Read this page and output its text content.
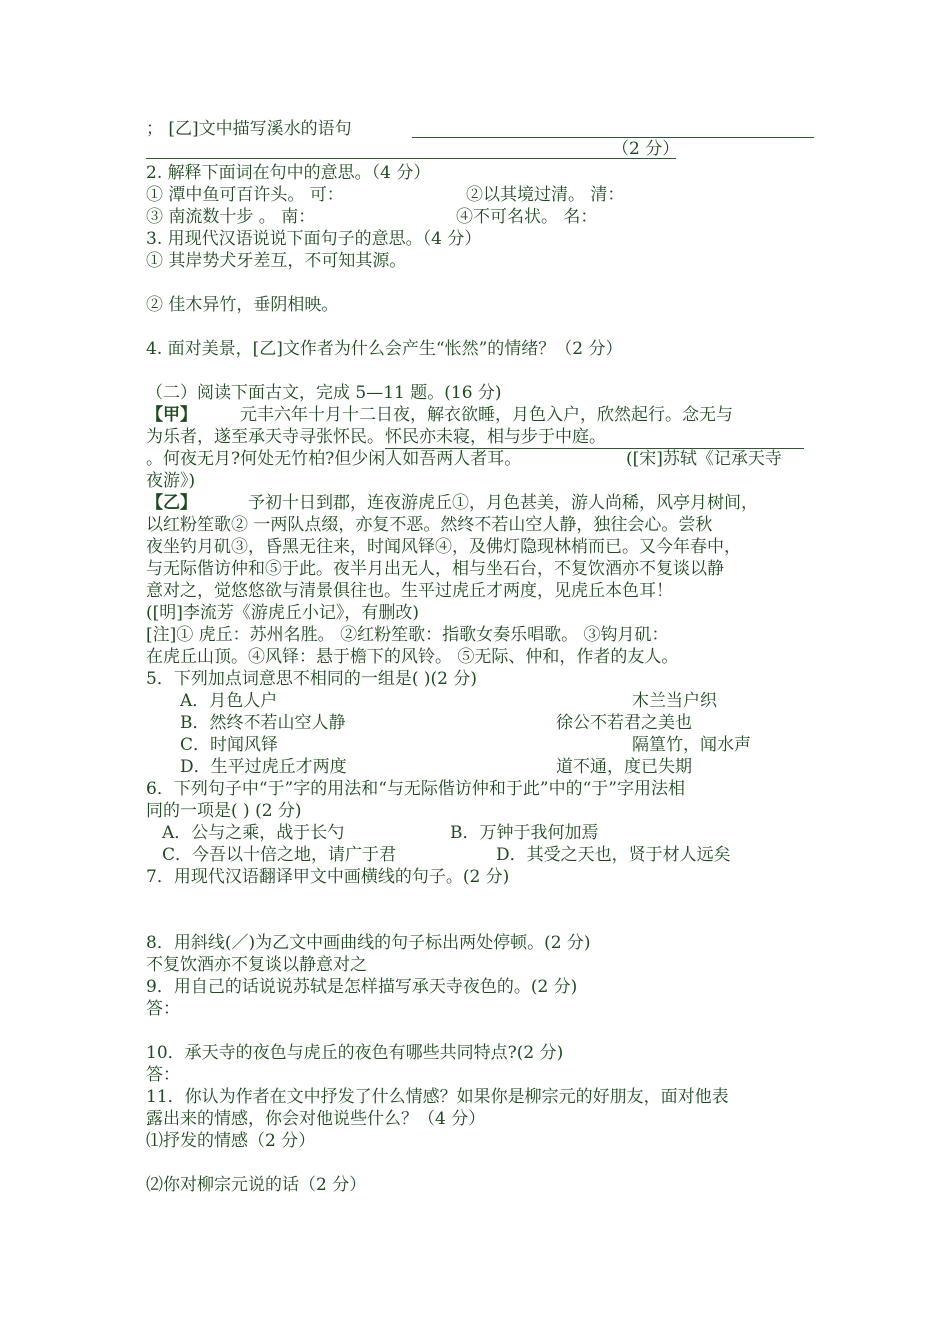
； [乙]文中描写溪水的语句
（2 分）
2. 解释下面词在句中的意思。（4 分）
① 潭中鱼可百许头。 可：	②以其境过清。 清：
③ 南流数十步 。 南：	④不可名状。 名：
3. 用现代汉语说说下面句子的意思。（4 分）
① 其岸势犬牙差互，不可知其源。
② 佳木异竹，垂阴相映。
4. 面对美景，[乙]文作者为什么会产生“怅然”的情绪？（2 分）
（二）阅读下面古文，完成 5—11 题。(16 分)
【甲】	元丰六年十月十二日夜，解衣欲睡，月色入户，欣然起行。念无与
为乐者，遂至承天寺寻张怀民。 怀民亦未寝，相与步于中庭。
。何夜无月?何处无竹柏?但少闲人如吾两人者耳。	([宋]苏轼《记承天寺
夜游》)
【乙】	予初十日到郡，连夜游虎丘①，月色甚美，游人尚稀，风亭月树间，
以红粉笙歌② 一两队点缀，亦复不恶。然终不若山空人静，独往会心。尝秋
夜坐钓月矶③，昏黑无往来，时闻风铎④，及佛灯隐现林梢而已。又今年春中，
与无际偕访仲和⑤于此。夜半月出无人，相与坐石台，不复饮酒亦不复谈以静
意对之，觉悠悠欲与清景俱往也。生平过虎丘才两度，见虎丘本色耳！
([明]李流芳《游虎丘小记》，有删改)
[注]① 虎丘：苏州名胜。 ②红粉笙歌：指歌女奏乐唱歌。 ③钩月矶：
在虎丘山顶。④风铎：悬于檐下的风铃。 ⑤无际、仲和，作者的友人。
5．下列加点词意思不相同的一组是( )(2 分)
A．月色人户	木兰当户织
B．然终不若山空人静	徐公不若君之美也
C．时闻风铎	隔篁竹，闻水声
D．生平过虎丘才两度	道不通，度已失期
6．下列句子中“于”字的用法和“与无际偕访仲和于此”中的“于”字用法相
同的一项是( ) (2 分)
A．公与之乘，战于长勺	B．万钟于我何加焉
C．今吾以十倍之地，请广于君	D．其受之天也，贤于材人远矣
7．用现代汉语翻译甲文中画横线的句子。(2 分)
8．用斜线(／)为乙文中画曲线的句子标出两处停顿。(2 分)
不复饮酒亦不复谈以静意对之
9．用自己的话说说苏轼是怎样描写承天寺夜色的。(2 分)
答：
10．承天寺的夜色与虎丘的夜色有哪些共同特点?(2 分)
答：
11．你认为作者在文中抒发了什么情感？如果你是柳宗元的好朋友，面对他表
露出来的情感，你会对他说些什么？（4 分）
⑴抒发的情感（2 分）
⑵你对柳宗元说的话（2 分）
